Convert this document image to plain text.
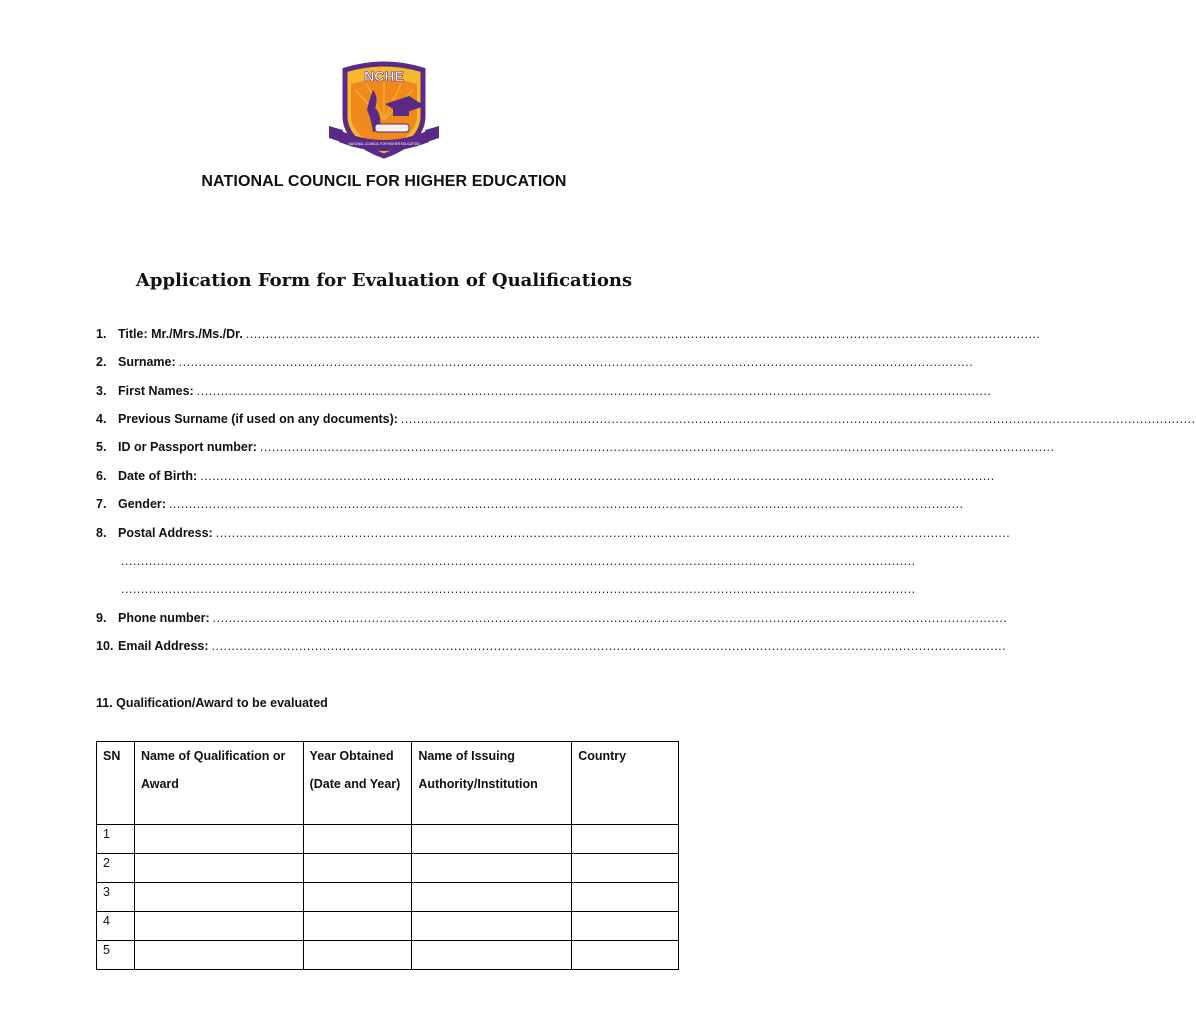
NCHE
NATIONAL COUNCIL FOR HIGHER EDUCATION
NATIONAL COUNCIL FOR HIGHER EDUCATION
Application Form for Evaluation of Qualifications
1. Title: Mr./Mrs./Ms./Dr. ........................................................................................................................................................................................................
2. Surname: ........................................................................................................................................................................................................
3. First Names: ........................................................................................................................................................................................................
4. Previous Surname (if used on any documents): ........................................................................................................................................................................................................
5. ID or Passport number: ........................................................................................................................................................................................................
6. Date of Birth: ........................................................................................................................................................................................................
7. Gender: ........................................................................................................................................................................................................
8. Postal Address: ........................................................................................................................................................................................................
........................................................................................................................................................................................................
........................................................................................................................................................................................................
9. Phone number: ........................................................................................................................................................................................................
10. Email Address: ........................................................................................................................................................................................................
11. Qualification/Award to be evaluated
SN	Name of Qualification or Award	Year Obtained (Date and Year)	Name of Issuing Authority/Institution	Country
1				
2				
3				
4				
5				
